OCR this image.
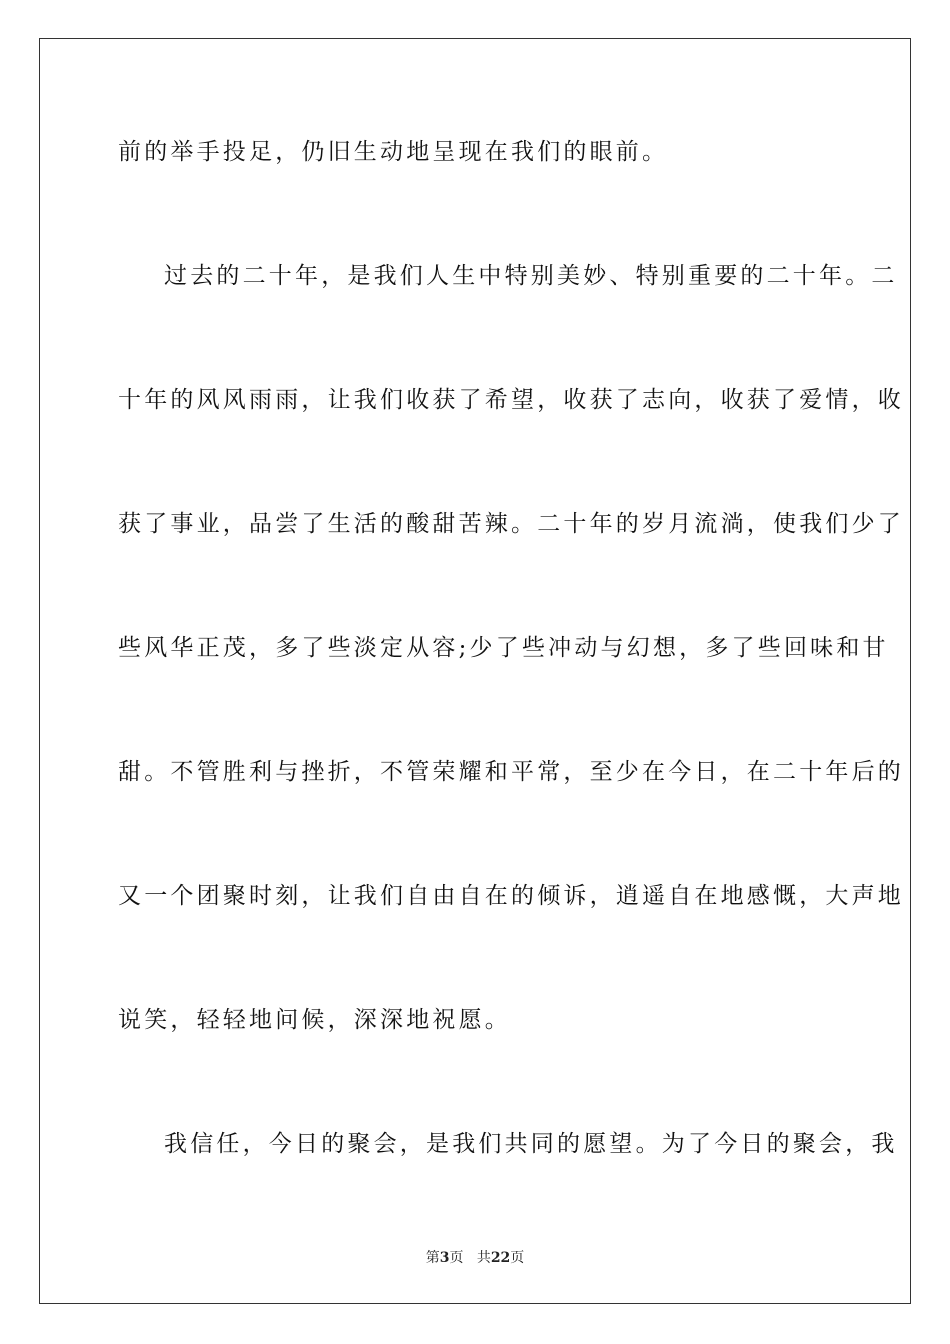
前的举手投足，仍旧生动地呈现在我们的眼前。
过去的二十年，是我们人生中特别美妙、特别重要的二十年。二
十年的风风雨雨，让我们收获了希望，收获了志向，收获了爱情，收
获了事业，品尝了生活的酸甜苦辣。二十年的岁月流淌，使我们少了
些风华正茂，多了些淡定从容;少了些冲动与幻想，多了些回味和甘
甜。不管胜利与挫折，不管荣耀和平常，至少在今日，在二十年后的
又一个团聚时刻，让我们自由自在的倾诉，逍遥自在地感慨，大声地
说笑，轻轻地问候，深深地祝愿。
我信任，今日的聚会，是我们共同的愿望。为了今日的聚会，我
第3页 共22页
